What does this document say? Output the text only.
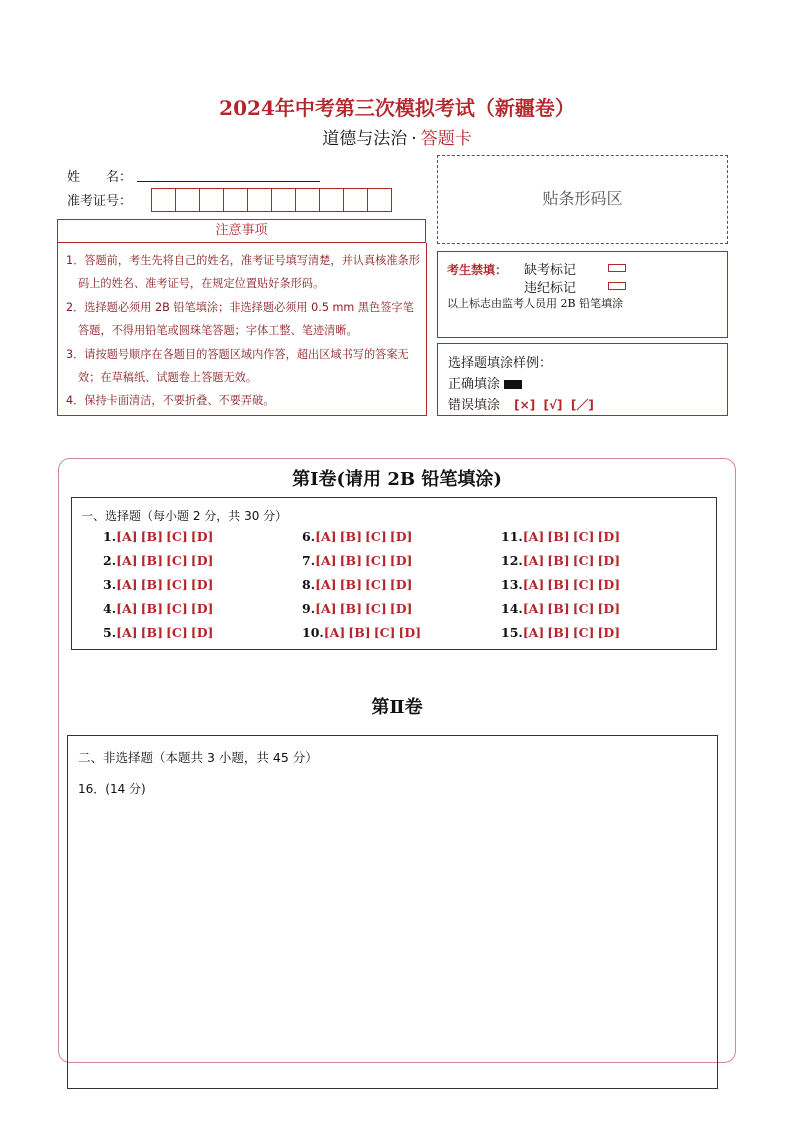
2024年中考第三次模拟考试（新疆卷）
道德与法治 · 答题卡
姓　　名：
准考证号：
注意事项
1．答题前，考生先将自己的姓名，准考证号填写清楚，并认真核准条形码上的姓名、准考证号，在规定位置贴好条形码。
2．选择题必须用 2B 铅笔填涂；非选择题必须用 0.5 mm 黑色签字笔答题，不得用铅笔或圆珠笔答题；字体工整、笔迹清晰。
3．请按题号顺序在各题目的答题区域内作答，超出区域书写的答案无效；在草稿纸、试题卷上答题无效。
4．保持卡面清洁，不要折叠、不要弄破。
贴条形码区
考生禁填： 缺考标记
违纪标记
以上标志由监考人员用 2B 铅笔填涂
选择题填涂样例：
正确填涂
错误填涂 [×]  [√]  [／]
第Ⅰ卷(请用 2B 铅笔填涂)
一、选择题（每小题 2 分，共 30 分）
1.[A] [B] [C] [D]
2.[A] [B] [C] [D]
3.[A] [B] [C] [D]
4.[A] [B] [C] [D]
5.[A] [B] [C] [D]
6.[A] [B] [C] [D]
7.[A] [B] [C] [D]
8.[A] [B] [C] [D]
9.[A] [B] [C] [D]
10.[A] [B] [C] [D]
11.[A] [B] [C] [D]
12.[A] [B] [C] [D]
13.[A] [B] [C] [D]
14.[A] [B] [C] [D]
15.[A] [B] [C] [D]
第Ⅱ卷
二、非选择题（本题共 3 小题，共 45 分）
16．(14 分)
